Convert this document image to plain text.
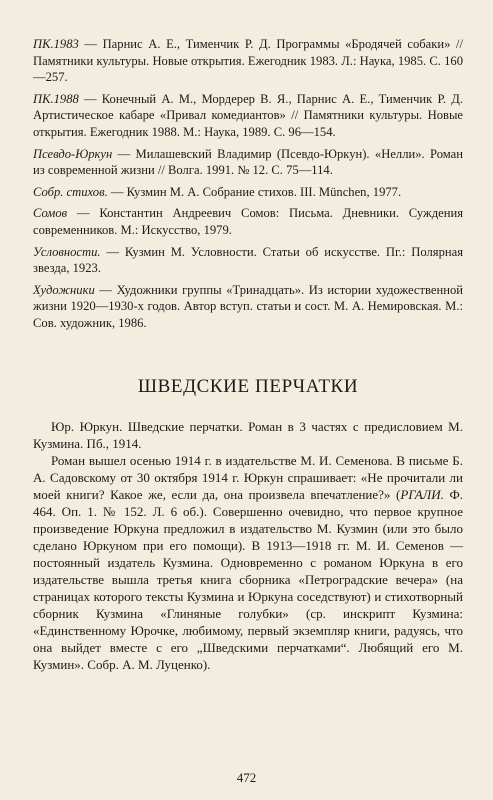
ПК.1983 — Парнис А. Е., Тименчик Р. Д. Программы «Бродячей собаки» // Памятники культуры. Новые открытия. Ежегодник 1983. Л.: Наука, 1985. С. 160—257.

ПК.1988 — Конечный А. М., Мордерер В. Я., Парнис А. Е., Тименчик Р. Д. Артистическое кабаре «Привал комедиантов» // Памятники культуры. Новые открытия. Ежегодник 1988. М.: Наука, 1989. С. 96—154.

Псевдо-Юркун — Милашевский Владимир (Псевдо-Юркун). «Нелли». Роман из современной жизни // Волга. 1991. № 12. С. 75—114.

Собр. стихов. — Кузмин М. А. Собрание стихов. III. München, 1977.

Сомов — Константин Андреевич Сомов: Письма. Дневники. Суждения современников. М.: Искусство, 1979.

Условности. — Кузмин М. Условности. Статьи об искусстве. Пг.: Полярная звезда, 1923.

Художники — Художники группы «Тринадцать». Из истории художественной жизни 1920—1930-х годов. Автор вступ. статьи и сост. М. А. Немировская. М.: Сов. художник, 1986.

ШВЕДСКИЕ ПЕРЧАТКИ

Юр. Юркун. Шведские перчатки. Роман в 3 частях с предисловием М. Кузмина. Пб., 1914.

Роман вышел осенью 1914 г. в издательстве М. И. Семенова. В письме Б. А. Садовскому от 30 октября 1914 г. Юркун спрашивает: «Не прочитали ли моей книги? Какое же, если да, она произвела впечатление?» (РГАЛИ. Ф. 464. Оп. 1. № 152. Л. 6 об.). Совершенно очевидно, что первое крупное произведение Юркуна предложил в издательство М. Кузмин (или это было сделано Юркуном при его помощи). В 1913—1918 гг. М. И. Семенов — постоянный издатель Кузмина. Одновременно с романом Юркуна в его издательстве вышла третья книга сборника «Петроградские вечера» (на страницах которого тексты Кузмина и Юркуна соседствуют) и стихотворный сборник Кузмина «Глиняные голубки» (ср. инскрипт Кузмина: «Единственному Юрочке, любимому, первый экземпляр книги, радуясь, что она выйдет вместе с его „Шведскими перчатками“. Любящий его М. Кузмин». Собр. А. М. Луценко).

472
